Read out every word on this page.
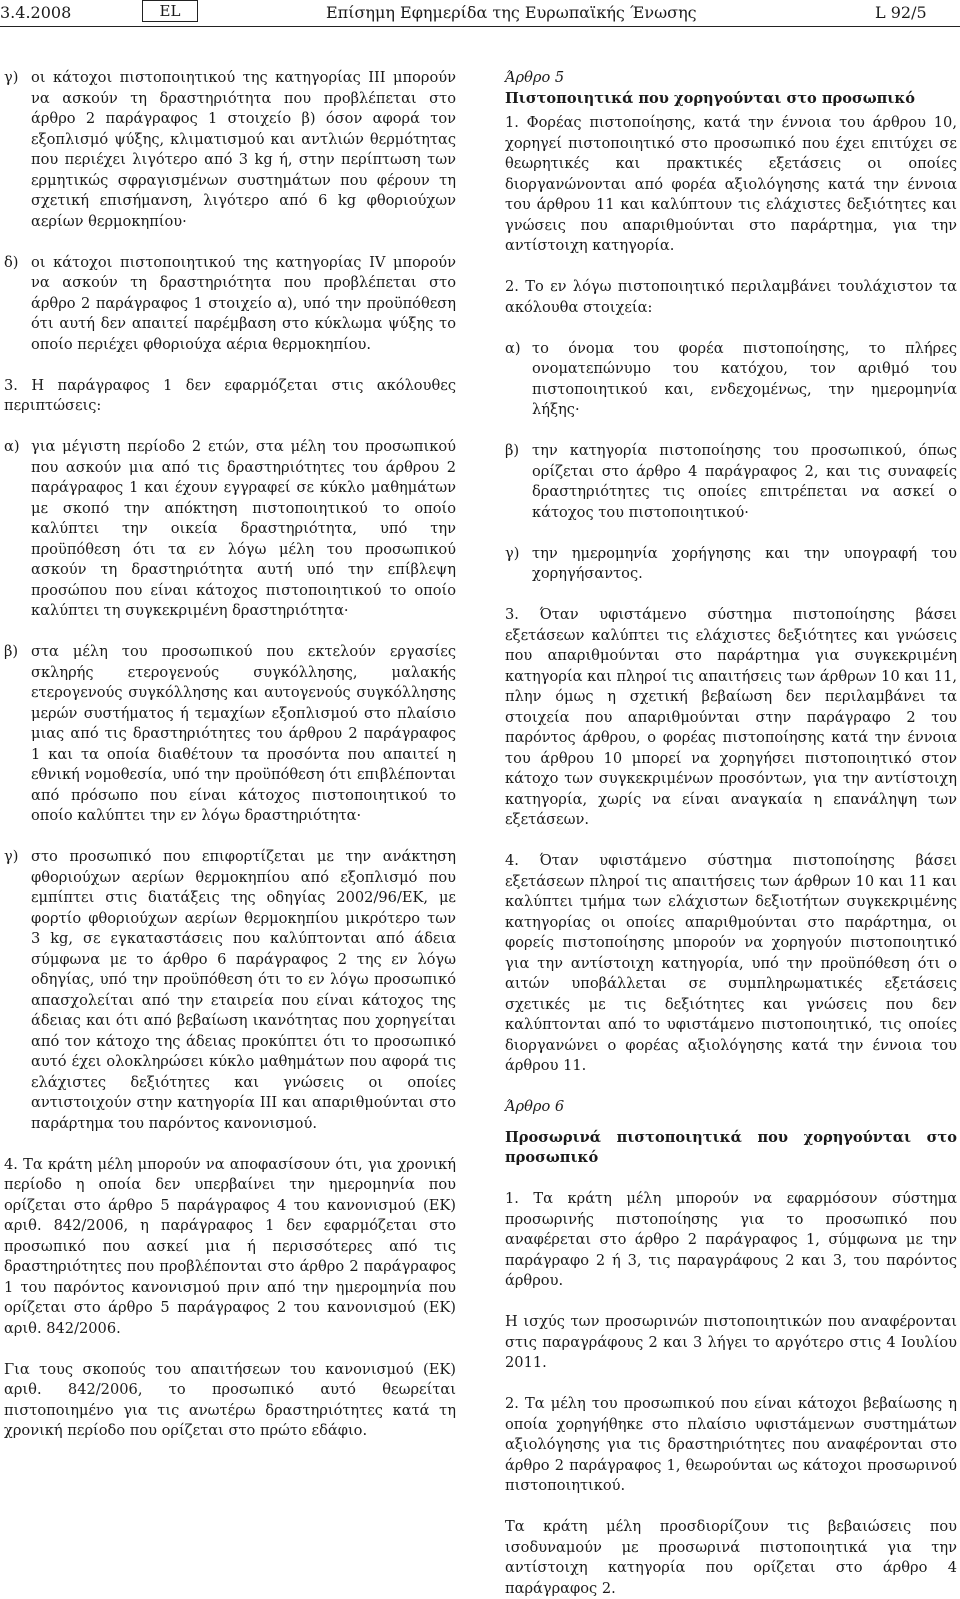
3.4.2008	EL	Επίσημη Εφημερίδα της Ευρωπαϊκής Ένωσης	L 92/5
γ) οι κάτοχοι πιστοποιητικού της κατηγορίας III μπορούν να ασκούν τη δραστηριότητα που προβλέπεται στο άρθρο 2 παράγραφος 1 στοιχείο β) όσον αφορά τον εξοπλισμό ψύξης, κλιματισμού και αντλιών θερμότητας που περιέχει λιγότερο από 3 kg ή, στην περίπτωση των ερμητικώς σφραγισμένων συστημάτων που φέρουν τη σχετική επισήμανση, λιγότερο από 6 kg φθοριούχων αερίων θερμοκηπίου·
δ) οι κάτοχοι πιστοποιητικού της κατηγορίας IV μπορούν να ασκούν τη δραστηριότητα που προβλέπεται στο άρθρο 2 παράγραφος 1 στοιχείο α), υπό την προϋπόθεση ότι αυτή δεν απαιτεί παρέμβαση στο κύκλωμα ψύξης το οποίο περιέχει φθοριούχα αέρια θερμοκηπίου.

3. Η παράγραφος 1 δεν εφαρμόζεται στις ακόλουθες περιπτώσεις:

α) για μέγιστη περίοδο 2 ετών, στα μέλη του προσωπικού που ασκούν μια από τις δραστηριότητες του άρθρου 2 παράγραφος 1 και έχουν εγγραφεί σε κύκλο μαθημάτων με σκοπό την απόκτηση πιστοποιητικού το οποίο καλύπτει την οικεία δραστηριότητα, υπό την προϋπόθεση ότι τα εν λόγω μέλη του προσωπικού ασκούν τη δραστηριότητα αυτή υπό την επίβλεψη προσώπου που είναι κάτοχος πιστοποιητικού το οποίο καλύπτει τη συγκεκριμένη δραστηριότητα·
β) στα μέλη του προσωπικού που εκτελούν εργασίες σκληρής ετερογενούς συγκόλλησης, μαλακής ετερογενούς συγκόλλησης και αυτογενούς συγκόλλησης μερών συστήματος ή τεμαχίων εξοπλισμού στο πλαίσιο μιας από τις δραστηριότητες του άρθρου 2 παράγραφος 1 και τα οποία διαθέτουν τα προσόντα που απαιτεί η εθνική νομοθεσία, υπό την προϋπόθεση ότι επιβλέπονται από πρόσωπο που είναι κάτοχος πιστοποιητικού το οποίο καλύπτει την εν λόγω δραστηριότητα·
γ) στο προσωπικό που επιφορτίζεται με την ανάκτηση φθοριούχων αερίων θερμοκηπίου από εξοπλισμό που εμπίπτει στις διατάξεις της οδηγίας 2002/96/ΕΚ, με φορτίο φθοριούχων αερίων θερμοκηπίου μικρότερο των 3 kg, σε εγκαταστάσεις που καλύπτονται από άδεια σύμφωνα με το άρθρο 6 παράγραφος 2 της εν λόγω οδηγίας, υπό την προϋπόθεση ότι το εν λόγω προσωπικό απασχολείται από την εταιρεία που είναι κάτοχος της άδειας και ότι από βεβαίωση ικανότητας που χορηγείται από τον κάτοχο της άδειας προκύπτει ότι το προσωπικό αυτό έχει ολοκληρώσει κύκλο μαθημάτων που αφορά τις ελάχιστες δεξιότητες και γνώσεις οι οποίες αντιστοιχούν στην κατηγορία III και απαριθμούνται στο παράρτημα του παρόντος κανονισμού.

4. Τα κράτη μέλη μπορούν να αποφασίσουν ότι, για χρονική περίοδο η οποία δεν υπερβαίνει την ημερομηνία που ορίζεται στο άρθρο 5 παράγραφος 4 του κανονισμού (ΕΚ) αριθ. 842/2006, η παράγραφος 1 δεν εφαρμόζεται στο προσωπικό που ασκεί μια ή περισσότερες από τις δραστηριότητες που προβλέπονται στο άρθρο 2 παράγραφος 1 του παρόντος κανονισμού πριν από την ημερομηνία που ορίζεται στο άρθρο 5 παράγραφος 2 του κανονισμού (ΕΚ) αριθ. 842/2006.

Για τους σκοπούς του απαιτήσεων του κανονισμού (ΕΚ) αριθ. 842/2006, το προσωπικό αυτό θεωρείται πιστοποιημένο για τις ανωτέρω δραστηριότητες κατά τη χρονική περίοδο που ορίζεται στο πρώτο εδάφιο.

Άρθρο 5

Πιστοποιητικά που χορηγούνται στο προσωπικό

1. Φορέας πιστοποίησης, κατά την έννοια του άρθρου 10, χορηγεί πιστοποιητικό στο προσωπικό που έχει επιτύχει σε θεωρητικές και πρακτικές εξετάσεις οι οποίες διοργανώνονται από φορέα αξιολόγησης κατά την έννοια του άρθρου 11 και καλύπτουν τις ελάχιστες δεξιότητες και γνώσεις που απαριθμούνται στο παράρτημα, για την αντίστοιχη κατηγορία.

2. Το εν λόγω πιστοποιητικό περιλαμβάνει τουλάχιστον τα ακόλουθα στοιχεία:

α) το όνομα του φορέα πιστοποίησης, το πλήρες ονοματεπώνυμο του κατόχου, τον αριθμό του πιστοποιητικού και, ενδεχομένως, την ημερομηνία λήξης·
β) την κατηγορία πιστοποίησης του προσωπικού, όπως ορίζεται στο άρθρο 4 παράγραφος 2, και τις συναφείς δραστηριότητες τις οποίες επιτρέπεται να ασκεί ο κάτοχος του πιστοποιητικού·
γ) την ημερομηνία χορήγησης και την υπογραφή του χορηγήσαντος.

3. Όταν υφιστάμενο σύστημα πιστοποίησης βάσει εξετάσεων καλύπτει τις ελάχιστες δεξιότητες και γνώσεις που απαριθμούνται στο παράρτημα για συγκεκριμένη κατηγορία και πληροί τις απαιτήσεις των άρθρων 10 και 11, πλην όμως η σχετική βεβαίωση δεν περιλαμβάνει τα στοιχεία που απαριθμούνται στην παράγραφο 2 του παρόντος άρθρου, ο φορέας πιστοποίησης κατά την έννοια του άρθρου 10 μπορεί να χορηγήσει πιστοποιητικό στον κάτοχο των συγκεκριμένων προσόντων, για την αντίστοιχη κατηγορία, χωρίς να είναι αναγκαία η επανάληψη των εξετάσεων.

4. Όταν υφιστάμενο σύστημα πιστοποίησης βάσει εξετάσεων πληροί τις απαιτήσεις των άρθρων 10 και 11 και καλύπτει τμήμα των ελάχιστων δεξιοτήτων συγκεκριμένης κατηγορίας οι οποίες απαριθμούνται στο παράρτημα, οι φορείς πιστοποίησης μπορούν να χορηγούν πιστοποιητικό για την αντίστοιχη κατηγορία, υπό την προϋπόθεση ότι ο αιτών υποβάλλεται σε συμπληρωματικές εξετάσεις σχετικές με τις δεξιότητες και γνώσεις που δεν καλύπτονται από το υφιστάμενο πιστοποιητικό, τις οποίες διοργανώνει ο φορέας αξιολόγησης κατά την έννοια του άρθρου 11.

Άρθρο 6

Προσωρινά πιστοποιητικά που χορηγούνται στο προσωπικό

1. Τα κράτη μέλη μπορούν να εφαρμόσουν σύστημα προσωρινής πιστοποίησης για το προσωπικό που αναφέρεται στο άρθρο 2 παράγραφος 1, σύμφωνα με την παράγραφο 2 ή 3, τις παραγράφους 2 και 3, του παρόντος άρθρου.

Η ισχύς των προσωρινών πιστοποιητικών που αναφέρονται στις παραγράφους 2 και 3 λήγει το αργότερο στις 4 Ιουλίου 2011.

2. Τα μέλη του προσωπικού που είναι κάτοχοι βεβαίωσης η οποία χορηγήθηκε στο πλαίσιο υφιστάμενων συστημάτων αξιολόγησης για τις δραστηριότητες που αναφέρονται στο άρθρο 2 παράγραφος 1, θεωρούνται ως κάτοχοι προσωρινού πιστοποιητικού.

Τα κράτη μέλη προσδιορίζουν τις βεβαιώσεις που ισοδυναμούν με προσωρινά πιστοποιητικά για την αντίστοιχη κατηγορία που ορίζεται στο άρθρο 4 παράγραφος 2.
